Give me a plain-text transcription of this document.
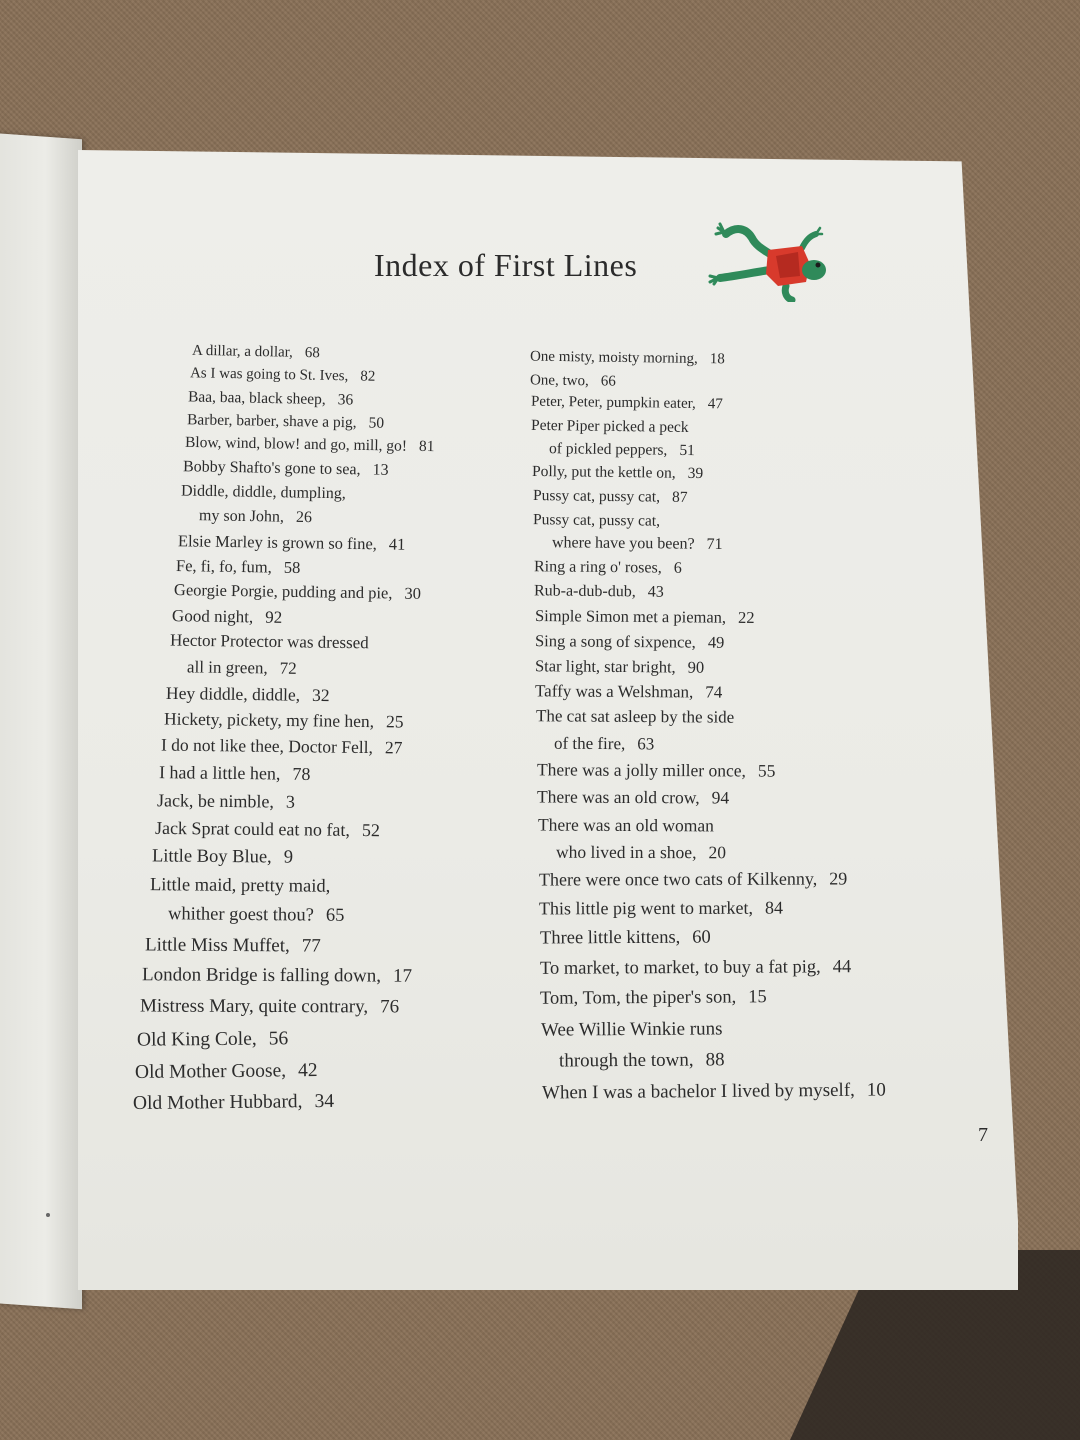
Index of First Lines
A dillar, a dollar, 68
As I was going to St. Ives, 82
Baa, baa, black sheep, 36
Barber, barber, shave a pig, 50
Blow, wind, blow! and go, mill, go! 81
Bobby Shafto's gone to sea, 13
Diddle, diddle, dumpling,
my son John, 26
Elsie Marley is grown so fine, 41
Fe, fi, fo, fum, 58
Georgie Porgie, pudding and pie, 30
Good night, 92
Hector Protector was dressed
all in green, 72
Hey diddle, diddle, 32
Hickety, pickety, my fine hen, 25
I do not like thee, Doctor Fell, 27
I had a little hen, 78
Jack, be nimble, 3
Jack Sprat could eat no fat, 52
Little Boy Blue, 9
Little maid, pretty maid,
whither goest thou? 65
Little Miss Muffet, 77
London Bridge is falling down, 17
Mistress Mary, quite contrary, 76
Old King Cole, 56
Old Mother Goose, 42
Old Mother Hubbard, 34
One misty, moisty morning, 18
One, two, 66
Peter, Peter, pumpkin eater, 47
Peter Piper picked a peck
of pickled peppers, 51
Polly, put the kettle on, 39
Pussy cat, pussy cat, 87
Pussy cat, pussy cat,
where have you been? 71
Ring a ring o' roses, 6
Rub-a-dub-dub, 43
Simple Simon met a pieman, 22
Sing a song of sixpence, 49
Star light, star bright, 90
Taffy was a Welshman, 74
The cat sat asleep by the side
of the fire, 63
There was a jolly miller once, 55
There was an old crow, 94
There was an old woman
who lived in a shoe, 20
There were once two cats of Kilkenny, 29
This little pig went to market, 84
Three little kittens, 60
To market, to market, to buy a fat pig, 44
Tom, Tom, the piper's son, 15
Wee Willie Winkie runs
through the town, 88
When I was a bachelor I lived by myself, 10
7
